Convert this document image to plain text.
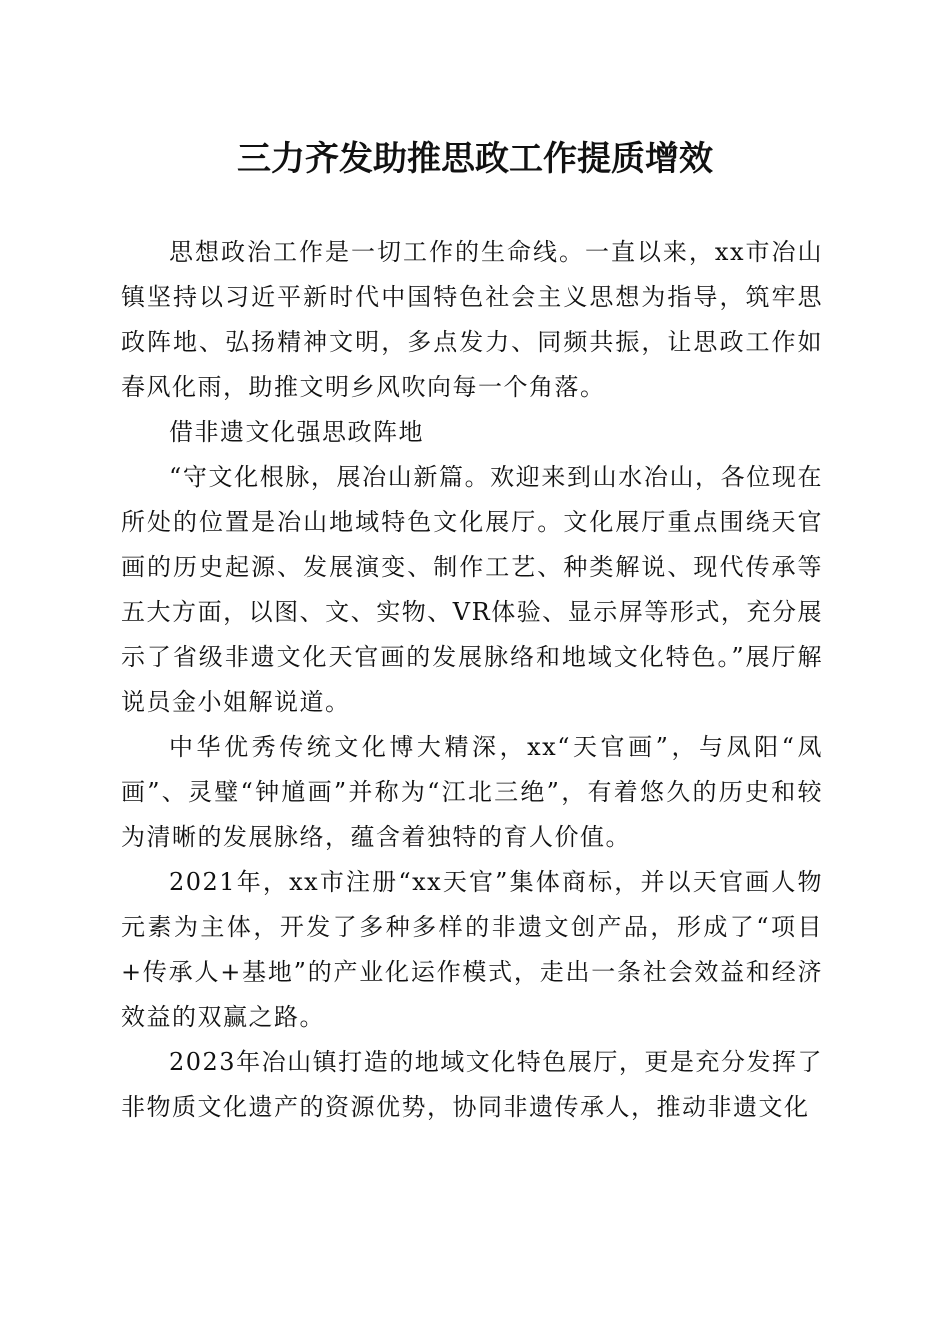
三力齐发助推思政工作提质增效

思想政治工作是一切工作的生命线。一直以来，xx市冶山镇坚持以习近平新时代中国特色社会主义思想为指导，筑牢思政阵地、弘扬精神文明，多点发力、同频共振，让思政工作如春风化雨，助推文明乡风吹向每一个角落。

借非遗文化强思政阵地

“守文化根脉，展冶山新篇。欢迎来到山水冶山，各位现在所处的位置是冶山地域特色文化展厅。文化展厅重点围绕天官画的历史起源、发展演变、制作工艺、种类解说、现代传承等五大方面，以图、文、实物、VR体验、显示屏等形式，充分展示了省级非遗文化天官画的发展脉络和地域文化特色。”展厅解说员金小姐解说道。

中华优秀传统文化博大精深，xx“天官画”，与凤阳“凤画”、灵璧“钟馗画”并称为“江北三绝”，有着悠久的历史和较为清晰的发展脉络，蕴含着独特的育人价值。

2021年，xx市注册“xx天官”集体商标，并以天官画人物元素为主体，开发了多种多样的非遗文创产品，形成了“项目+传承人+基地”的产业化运作模式，走出一条社会效益和经济效益的双赢之路。

2023年冶山镇打造的地域文化特色展厅，更是充分发挥了非物质文化遗产的资源优势，协同非遗传承人，推动非遗文化
